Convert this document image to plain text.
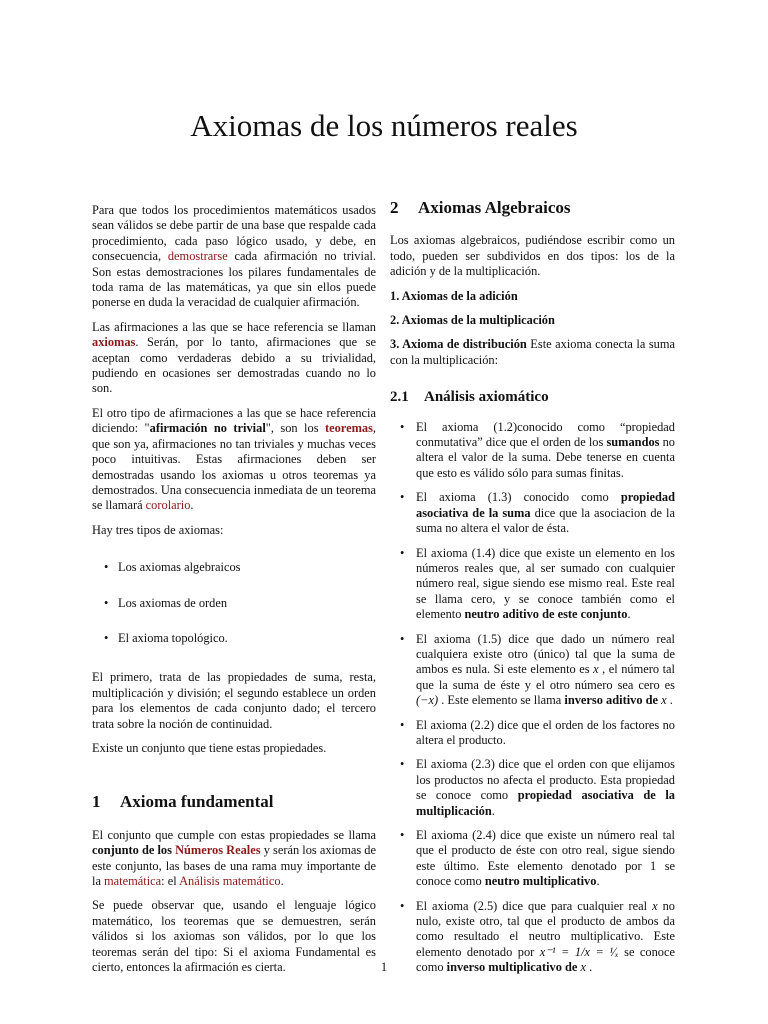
Axiomas de los números reales

Para que todos los procedimientos matemáticos usados sean válidos se debe partir de una base que respalde cada procedimiento, cada paso lógico usado, y debe, en consecuencia, demostrarse cada afirmación no trivial. Son estas demostraciones los pilares fundamentales de toda rama de las matemáticas, ya que sin ellos puede ponerse en duda la veracidad de cualquier afirmación.

Las afirmaciones a las que se hace referencia se llaman axiomas. Serán, por lo tanto, afirmaciones que se aceptan como verdaderas debido a su trivialidad, pudiendo en ocasiones ser demostradas cuando no lo son.

El otro tipo de afirmaciones a las que se hace referencia diciendo: "afirmación no trivial", son los teoremas, que son ya, afirmaciones no tan triviales y muchas veces poco intuitivas. Estas afirmaciones deben ser demostradas usando los axiomas u otros teoremas ya demostrados. Una consecuencia inmediata de un teorema se llamará corolario.

Hay tres tipos de axiomas:

• Los axiomas algebraicos
• Los axiomas de orden
• El axioma topológico.

El primero, trata de las propiedades de suma, resta, multiplicación y división; el segundo establece un orden para los elementos de cada conjunto dado; el tercero trata sobre la noción de continuidad.

Existe un conjunto que tiene estas propiedades.

1	Axioma fundamental

El conjunto que cumple con estas propiedades se llama conjunto de los Números Reales y serán los axiomas de este conjunto, las bases de una rama muy importante de la matemática: el Análisis matemático.

Se puede observar que, usando el lenguaje lógico matemático, los teoremas que se demuestren, serán válidos si los axiomas son válidos, por lo que los teoremas serán del tipo: Si el axioma Fundamental es cierto, entonces la afirmación es cierta.

2	Axiomas Algebraicos

Los axiomas algebraicos, pudiéndose escribir como un todo, pueden ser subdividos en dos tipos: los de la adición y de la multiplicación.

1. Axiomas de la adición

2. Axiomas de la multiplicación

3. Axioma de distribución Este axioma conecta la suma con la multiplicación:

2.1	Análisis axiomático
• El axioma (1.2)conocido como “propiedad conmutativa” dice que el orden de los sumandos no altera el valor de la suma. Debe tenerse en cuenta que esto es válido sólo para sumas finitas.
• El axioma (1.3) conocido como propiedad asociativa de la suma dice que la asociacion de la suma no altera el valor de ésta.
• El axioma (1.4) dice que existe un elemento en los números reales que, al ser sumado con cualquier número real, sigue siendo ese mismo real. Este real se llama cero, y se conoce también como el elemento neutro aditivo de este conjunto.
• El axioma (1.5) dice que dado un número real cualquiera existe otro (único) tal que la suma de ambos es nula. Si este elemento es x , el número tal que la suma de éste y el otro número sea cero es (−x) . Este elemento se llama inverso aditivo de x .
• El axioma (2.2) dice que el orden de los factores no altera el producto.
• El axioma (2.3) dice que el orden con que elijamos los productos no afecta el producto. Esta propiedad se conoce como propiedad asociativa de la multiplicación.
• El axioma (2.4) dice que existe un número real tal que el producto de éste con otro real, sigue siendo este último. Este elemento denotado por 1 se conoce como neutro multiplicativo.
• El axioma (2.5) dice que para cualquier real x no nulo, existe otro, tal que el producto de ambos da como resultado el neutro multiplicativo. Este elemento denotado por x⁻¹ = 1/x = ¹⁄ₓ se conoce como inverso multiplicativo de x .
1
